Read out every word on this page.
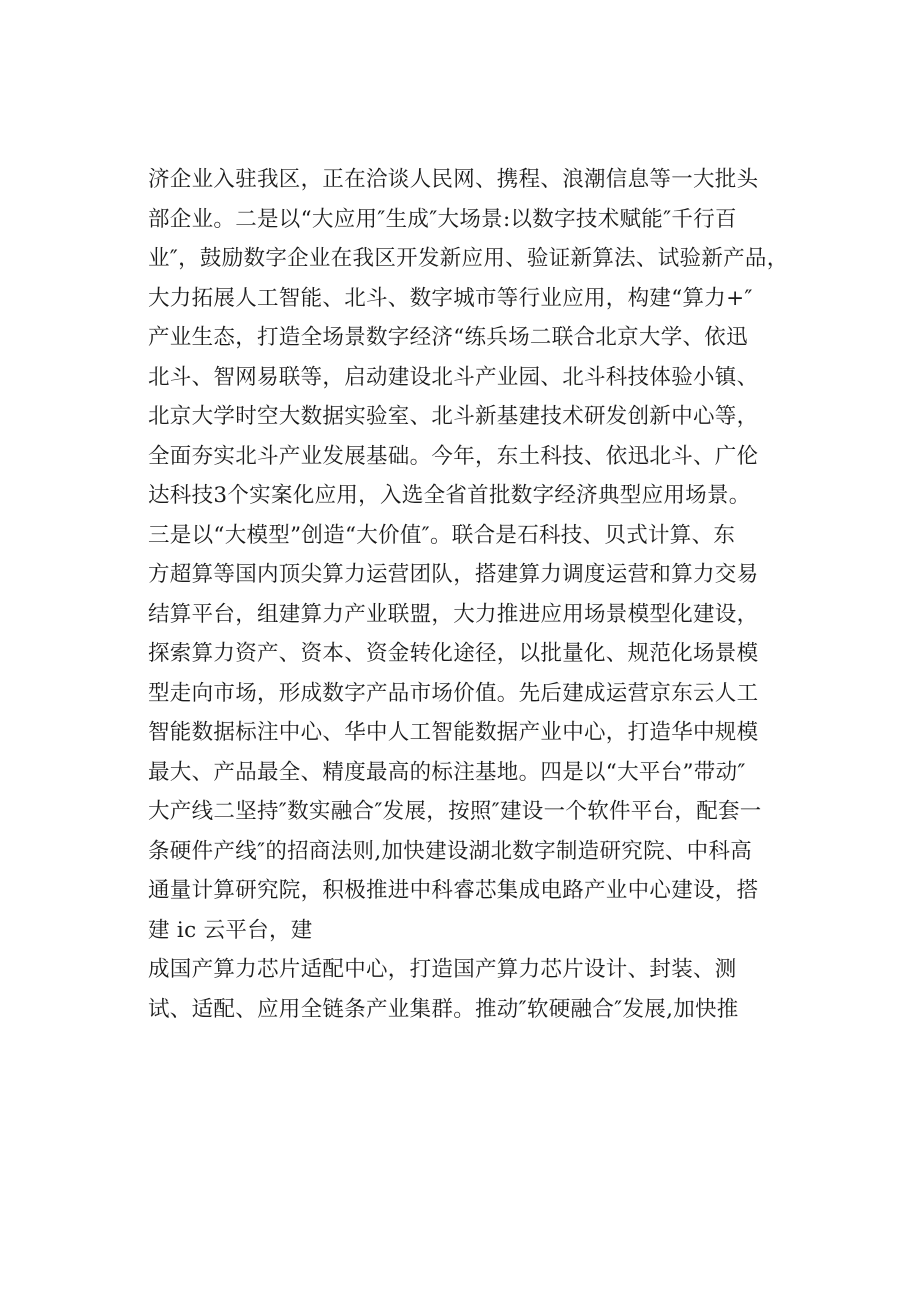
济企业入驻我区，正在洽谈人民网、携程、浪潮信息等一大批头
部企业。二是以“大应用″生成″大场景:以数字技术赋能″千行百
业″，鼓励数字企业在我区开发新应用、验证新算法、试验新产品，
大力拓展人工智能、北斗、数字城市等行业应用，构建“算力+″
产业生态，打造全场景数字经济“练兵场二联合北京大学、依迅
北斗、智网易联等，启动建设北斗产业园、北斗科技体验小镇、
北京大学时空大数据实验室、北斗新基建技术研发创新中心等，
全面夯实北斗产业发展基础。今年，东土科技、依迅北斗、广伦
达科技3个实案化应用，入选全省首批数字经济典型应用场景。
三是以“大模型”创造“大价值″。联合是石科技、贝式计算、东
方超算等国内顶尖算力运营团队，搭建算力调度运营和算力交易
结算平台，组建算力产业联盟，大力推进应用场景模型化建设，
探索算力资产、资本、资金转化途径，以批量化、规范化场景模
型走向市场，形成数字产品市场价值。先后建成运营京东云人工
智能数据标注中心、华中人工智能数据产业中心，打造华中规模
最大、产品最全、精度最高的标注基地。四是以“大平台”带动″
大产线二坚持″数实融合″发展，按照″建设一个软件平台，配套一
条硬件产线″的招商法则,加快建设湖北数字制造研究院、中科高
通量计算研究院，积极推进中科睿芯集成电路产业中心建设，搭
建 ic 云平台，建
成国产算力芯片适配中心，打造国产算力芯片设计、封装、测
试、适配、应用全链条产业集群。推动″软硬融合″发展,加快推
